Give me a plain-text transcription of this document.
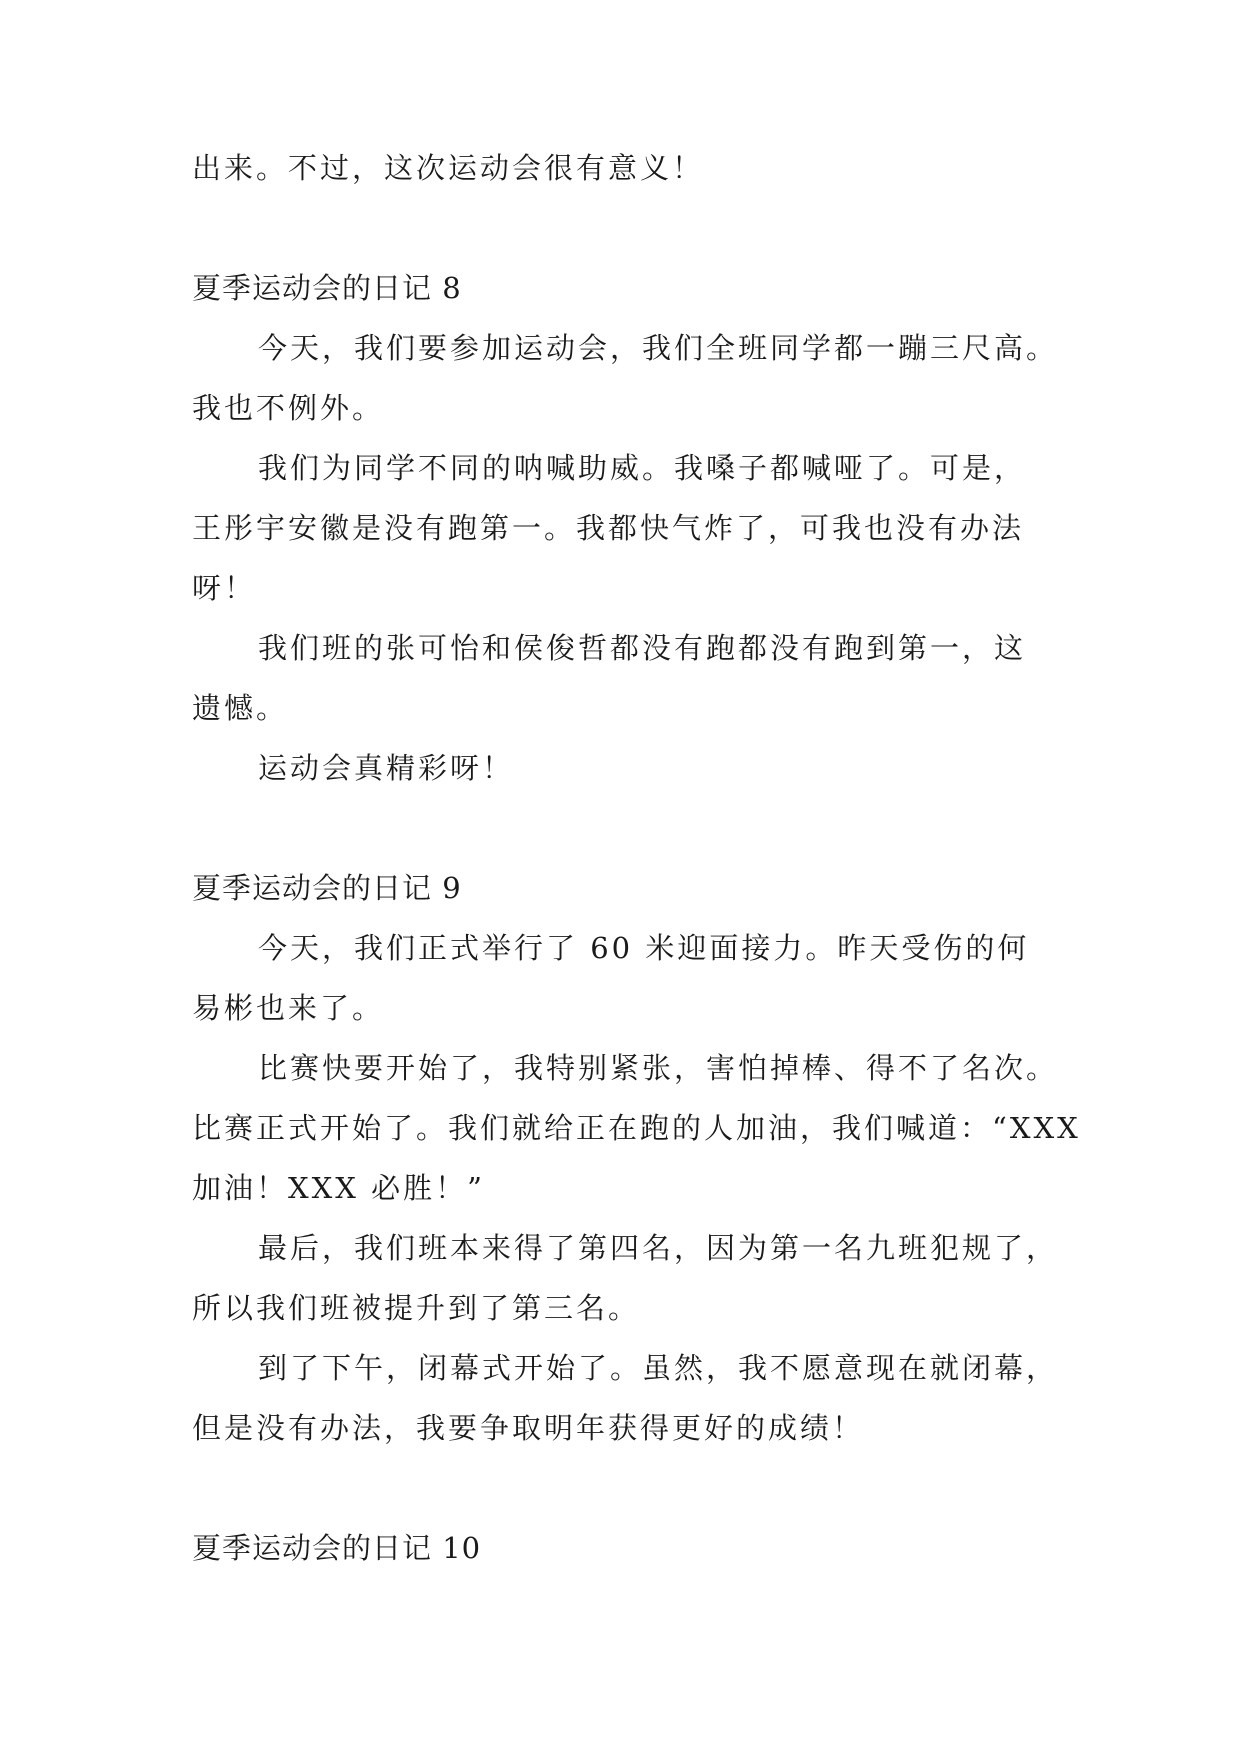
出来。不过，这次运动会很有意义！
夏季运动会的日记 8
今天，我们要参加运动会，我们全班同学都一蹦三尺高。
我也不例外。
我们为同学不同的呐喊助威。我嗓子都喊哑了。可是，
王彤宇安徽是没有跑第一。我都快气炸了，可我也没有办法
呀！
我们班的张可怡和侯俊哲都没有跑都没有跑到第一，这
遗憾。
运动会真精彩呀！
夏季运动会的日记 9
今天，我们正式举行了 60 米迎面接力。昨天受伤的何
易彬也来了。
比赛快要开始了，我特别紧张，害怕掉棒、得不了名次。
比赛正式开始了。我们就给正在跑的人加油，我们喊道：“XXX
加油！XXX 必胜！”
最后，我们班本来得了第四名，因为第一名九班犯规了，
所以我们班被提升到了第三名。
到了下午，闭幕式开始了。虽然，我不愿意现在就闭幕，
但是没有办法，我要争取明年获得更好的成绩！
夏季运动会的日记 10
